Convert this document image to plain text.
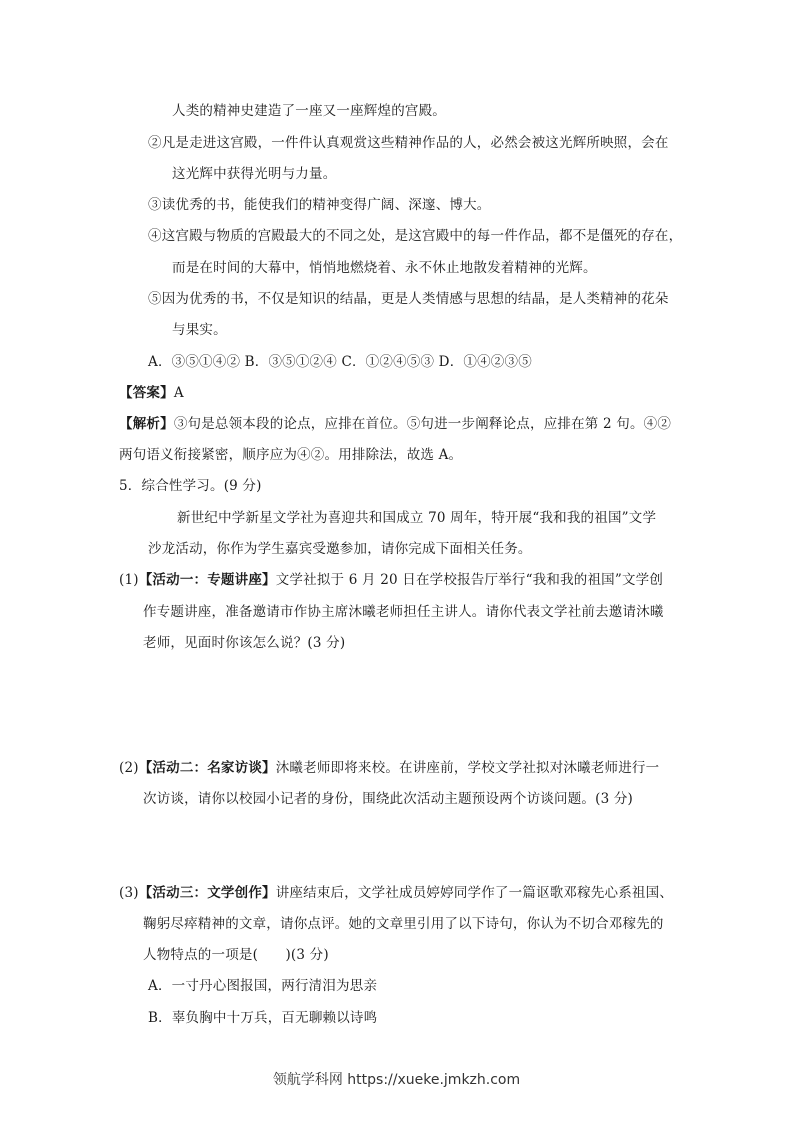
人类的精神史建造了一座又一座辉煌的宫殿。
②凡是走进这宫殿，一件件认真观赏这些精神作品的人，必然会被这光辉所映照，会在
这光辉中获得光明与力量。
③读优秀的书，能使我们的精神变得广阔、深邃、博大。
④这宫殿与物质的宫殿最大的不同之处，是这宫殿中的每一件作品，都不是僵死的存在，
而是在时间的大幕中，悄悄地燃烧着、永不休止地散发着精神的光辉。
⑤因为优秀的书，不仅是知识的结晶，更是人类情感与思想的结晶，是人类精神的花朵
与果实。
A．③⑤①④② B．③⑤①②④ C．①②④⑤③ D．①④②③⑤
【答案】A
【解析】③句是总领本段的论点，应排在首位。⑤句进一步阐释论点，应排在第 2 句。④②
两句语义衔接紧密，顺序应为④②。用排除法，故选 A。
5．综合性学习。(9 分)
新世纪中学新星文学社为喜迎共和国成立 70 周年，特开展“我和我的祖国”文学
沙龙活动，你作为学生嘉宾受邀参加，请你完成下面相关任务。
(1)【活动一：专题讲座】文学社拟于 6 月 20 日在学校报告厅举行“我和我的祖国”文学创
作专题讲座，准备邀请市作协主席沐曦老师担任主讲人。请你代表文学社前去邀请沐曦
老师，见面时你该怎么说？(3 分)
(2)【活动二：名家访谈】沐曦老师即将来校。在讲座前，学校文学社拟对沐曦老师进行一
次访谈，请你以校园小记者的身份，围绕此次活动主题预设两个访谈问题。(3 分)
(3)【活动三：文学创作】讲座结束后，文学社成员婷婷同学作了一篇讴歌邓稼先心系祖国、
鞠躬尽瘁精神的文章，请你点评。她的文章里引用了以下诗句，你认为不切合邓稼先的
人物特点的一项是(　　)(3 分)
A．一寸丹心图报国，两行清泪为思亲
B．辜负胸中十万兵，百无聊赖以诗鸣
领航学科网 https://xueke.jmkzh.com
